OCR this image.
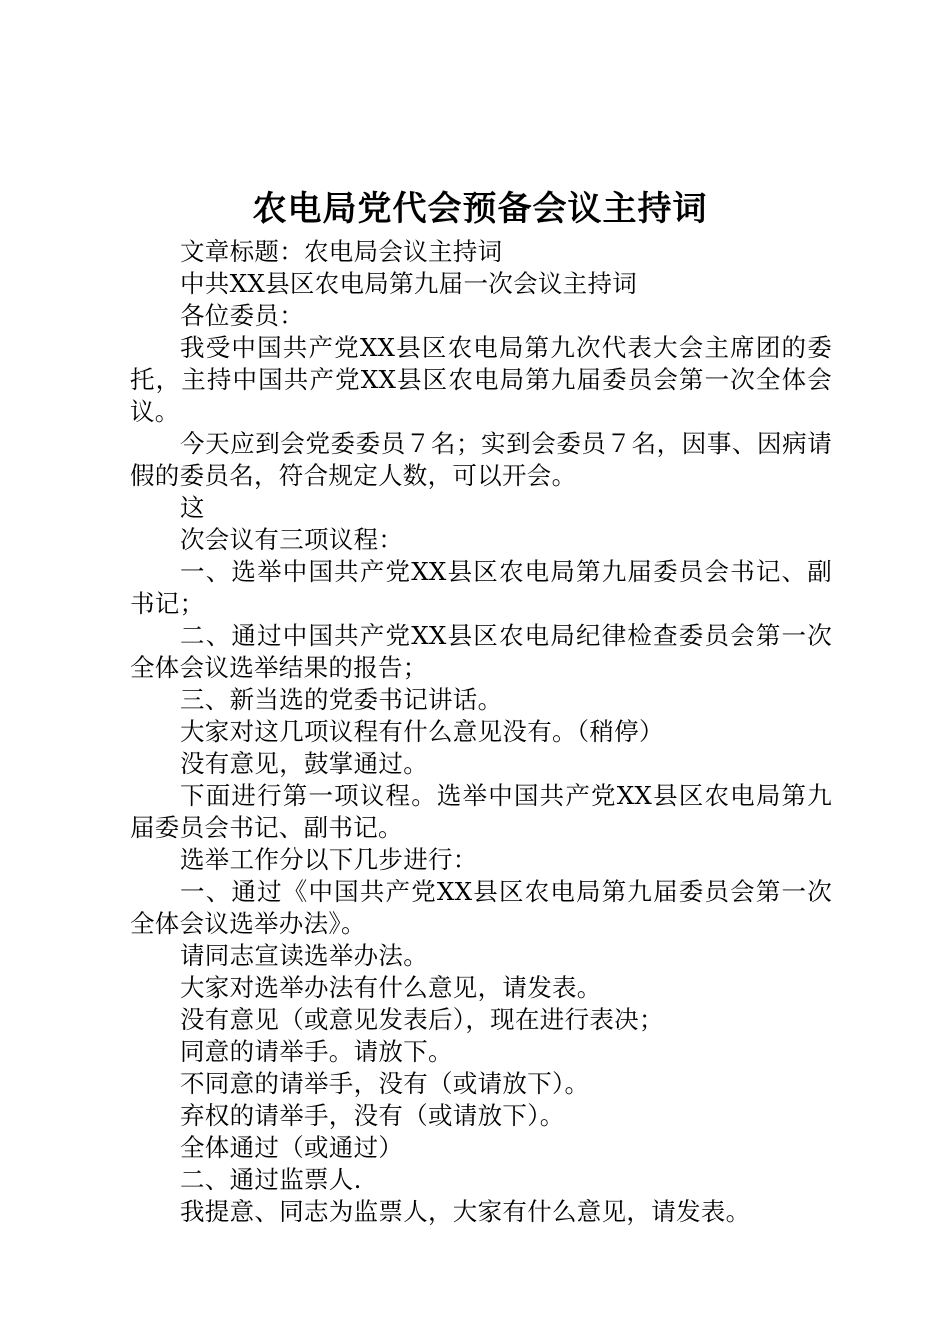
农电局党代会预备会议主持词

文章标题：农电局会议主持词

中共XX县区农电局第九届一次会议主持词

各位委员：

我受中国共产党XX县区农电局第九次代表大会主席团的委托，主持中国共产党XX县区农电局第九届委员会第一次全体会议。

今天应到会党委委员７名；实到会委员７名，因事、因病请假的委员名，符合规定人数，可以开会。

这

次会议有三项议程：

一、选举中国共产党XX县区农电局第九届委员会书记、副书记；

二、通过中国共产党XX县区农电局纪律检查委员会第一次全体会议选举结果的报告；

三、新当选的党委书记讲话。

大家对这几项议程有什么意见没有。（稍停）

没有意见，鼓掌通过。

下面进行第一项议程。选举中国共产党XX县区农电局第九届委员会书记、副书记。

选举工作分以下几步进行：

一、通过《中国共产党XX县区农电局第九届委员会第一次全体会议选举办法》。

请同志宣读选举办法。

大家对选举办法有什么意见，请发表。

没有意见（或意见发表后），现在进行表决；

同意的请举手。请放下。

不同意的请举手，没有（或请放下）。

弃权的请举手，没有（或请放下）。

全体通过（或通过）

二、通过监票人.

我提意、同志为监票人，大家有什么意见，请发表。
